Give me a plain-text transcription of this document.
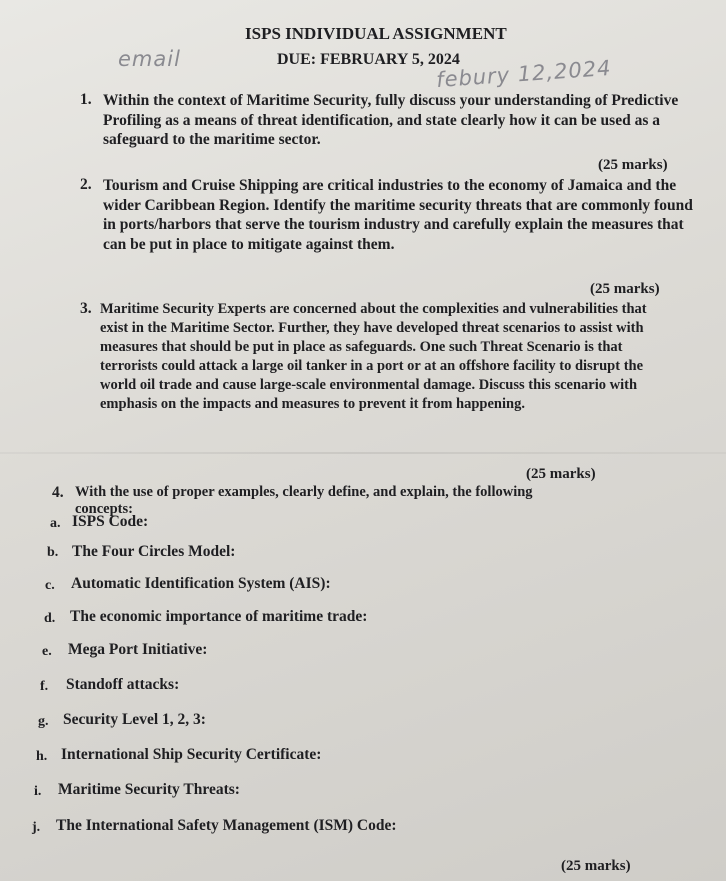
ISPS INDIVIDUAL ASSIGNMENT
DUE: FEBRUARY 5, 2024
email	febury 12,2024
1. Within the context of Maritime Security, fully discuss your understanding of Predictive Profiling as a means of threat identification, and state clearly how it can be used as a safeguard to the maritime sector.
(25 marks)
2. Tourism and Cruise Shipping are critical industries to the economy of Jamaica and the wider Caribbean Region. Identify the maritime security threats that are commonly found in ports/harbors that serve the tourism industry and carefully explain the measures that can be put in place to mitigate against them.
(25 marks)
3. Maritime Security Experts are concerned about the complexities and vulnerabilities that exist in the Maritime Sector. Further, they have developed threat scenarios to assist with measures that should be put in place as safeguards. One such Threat Scenario is that terrorists could attack a large oil tanker in a port or at an offshore facility to disrupt the world oil trade and cause large-scale environmental damage. Discuss this scenario with emphasis on the impacts and measures to prevent it from happening.
(25 marks)
4. With the use of proper examples, clearly define, and explain, the following
concepts:
a. ISPS Code:
b. The Four Circles Model:
c. Automatic Identification System (AIS):
d. The economic importance of maritime trade:
e. Mega Port Initiative:
f. Standoff attacks:
g. Security Level 1, 2, 3:
h. International Ship Security Certificate:
i. Maritime Security Threats:
j. The International Safety Management (ISM) Code:
(25 marks)
